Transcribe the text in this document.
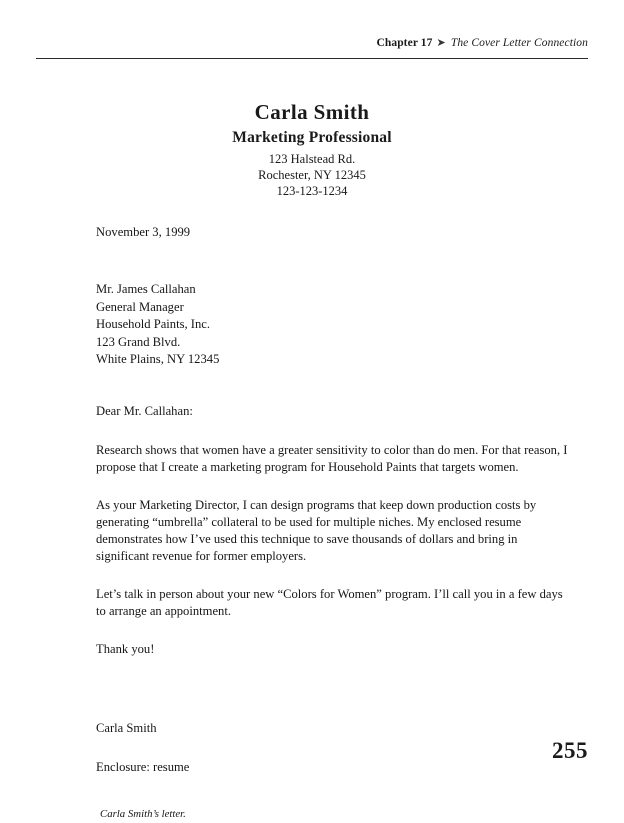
Chapter 17 ➤ The Cover Letter Connection
Carla Smith
Marketing Professional
123 Halstead Rd.
Rochester, NY 12345
123-123-1234
November 3, 1999
Mr. James Callahan
General Manager
Household Paints, Inc.
123 Grand Blvd.
White Plains, NY 12345
Dear Mr. Callahan:

Research shows that women have a greater sensitivity to color than do men. For that reason, I propose that I create a marketing program for Household Paints that targets women.

As your Marketing Director, I can design programs that keep down production costs by generating “umbrella” collateral to be used for multiple niches. My enclosed resume demonstrates how I’ve used this technique to save thousands of dollars and bring in significant revenue for former employers.

Let’s talk in person about your new “Colors for Women” program. I’ll call you in a few days to arrange an appointment.

Thank you!

Carla Smith
Enclosure: resume
Carla Smith’s letter.
255
